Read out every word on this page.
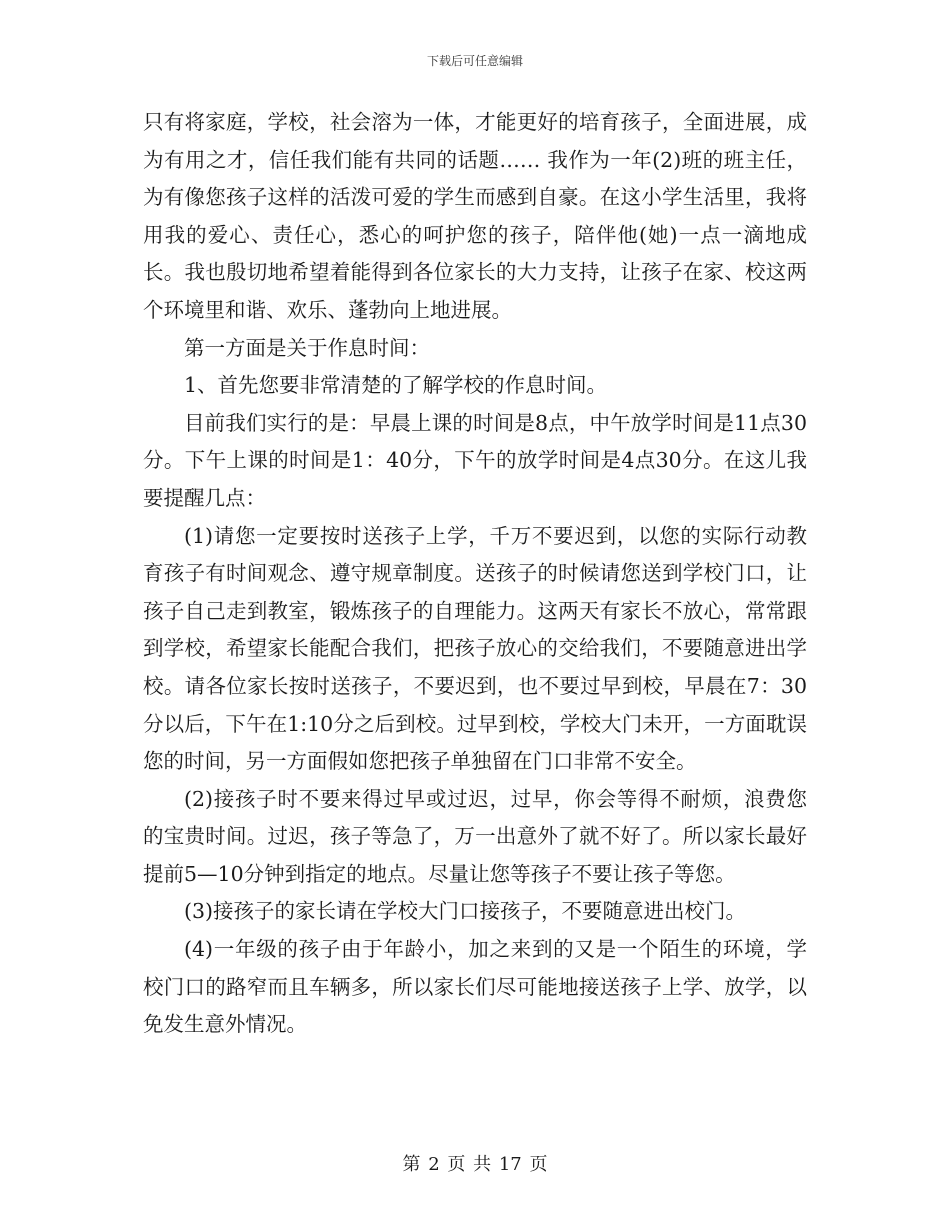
下载后可任意编辑

只有将家庭，学校，社会溶为一体，才能更好的培育孩子，全面进展，成为有用之才，信任我们能有共同的话题…… 我作为一年(2)班的班主任，为有像您孩子这样的活泼可爱的学生而感到自豪。在这小学生活里，我将用我的爱心、责任心，悉心的呵护您的孩子，陪伴他(她)一点一滴地成长。我也殷切地希望着能得到各位家长的大力支持，让孩子在家、校这两个环境里和谐、欢乐、蓬勃向上地进展。

第一方面是关于作息时间：

1、首先您要非常清楚的了解学校的作息时间。

目前我们实行的是：早晨上课的时间是8点，中午放学时间是11点30分。下午上课的时间是1：40分，下午的放学时间是4点30分。在这儿我要提醒几点：

(1)请您一定要按时送孩子上学，千万不要迟到，以您的实际行动教育孩子有时间观念、遵守规章制度。送孩子的时候请您送到学校门口，让孩子自己走到教室，锻炼孩子的自理能力。这两天有家长不放心，常常跟到学校，希望家长能配合我们，把孩子放心的交给我们，不要随意进出学校。请各位家长按时送孩子，不要迟到，也不要过早到校，早晨在7：30分以后，下午在1:10分之后到校。过早到校，学校大门未开，一方面耽误您的时间，另一方面假如您把孩子单独留在门口非常不安全。

(2)接孩子时不要来得过早或过迟，过早，你会等得不耐烦，浪费您的宝贵时间。过迟，孩子等急了，万一出意外了就不好了。所以家长最好提前5—10分钟到指定的地点。尽量让您等孩子不要让孩子等您。

(3)接孩子的家长请在学校大门口接孩子，不要随意进出校门。

(4)一年级的孩子由于年龄小，加之来到的又是一个陌生的环境，学校门口的路窄而且车辆多，所以家长们尽可能地接送孩子上学、放学，以免发生意外情况。

第 2 页 共 17 页
